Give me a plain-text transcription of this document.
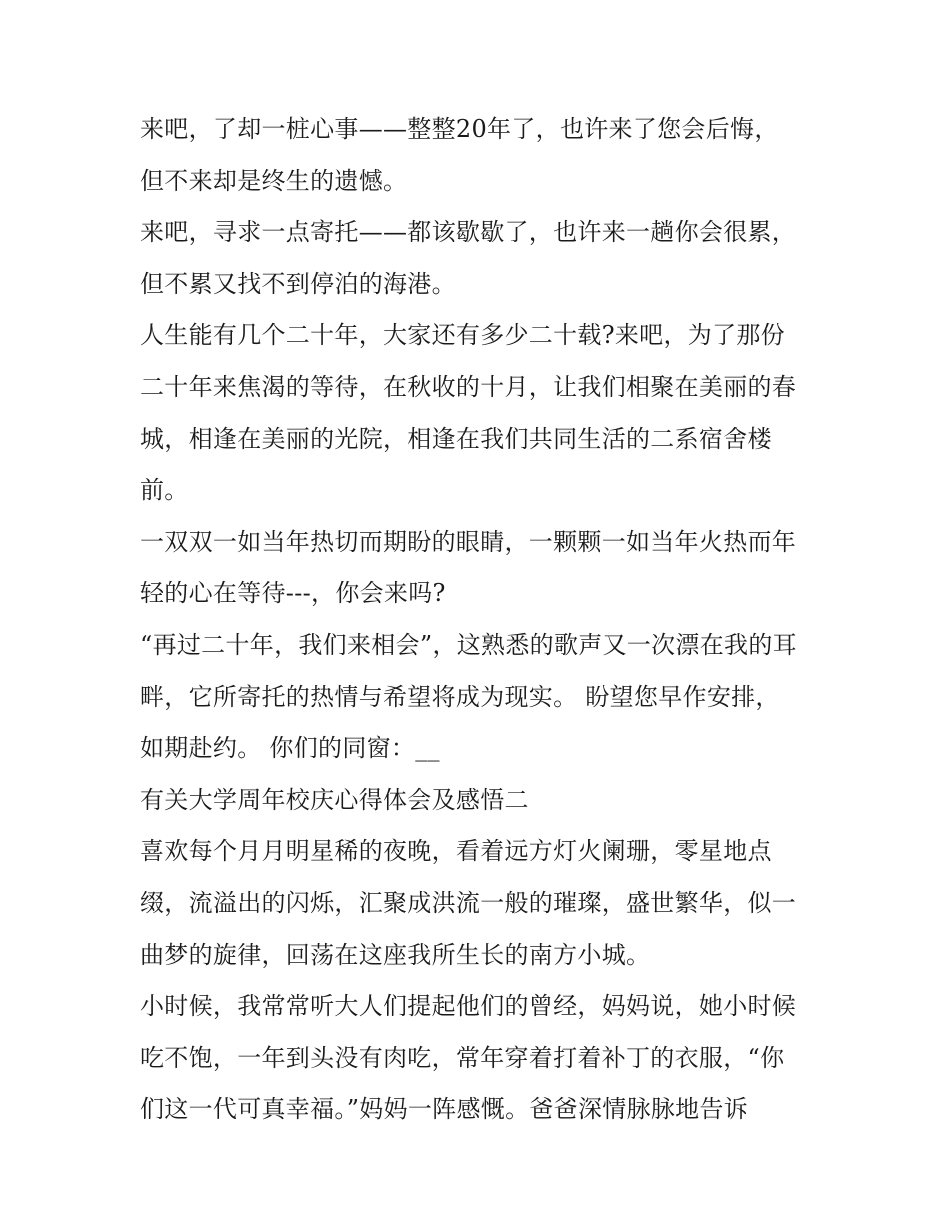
来吧，了却一桩心事——整整20年了，也许来了您会后悔，
但不来却是终生的遗憾。
来吧，寻求一点寄托——都该歇歇了，也许来一趟你会很累，
但不累又找不到停泊的海港。
人生能有几个二十年，大家还有多少二十载?来吧，为了那份
二十年来焦渴的等待，在秋收的十月，让我们相聚在美丽的春
城，相逢在美丽的光院，相逢在我们共同生活的二系宿舍楼
前。
一双双一如当年热切而期盼的眼睛，一颗颗一如当年火热而年
轻的心在等待---，你会来吗?
“再过二十年，我们来相会”，这熟悉的歌声又一次漂在我的耳
畔，它所寄托的热情与希望将成为现实。 盼望您早作安排，
如期赴约。 你们的同窗：__
有关大学周年校庆心得体会及感悟二
喜欢每个月月明星稀的夜晚，看着远方灯火阑珊，零星地点
缀，流溢出的闪烁，汇聚成洪流一般的璀璨，盛世繁华，似一
曲梦的旋律，回荡在这座我所生长的南方小城。
小时候，我常常听大人们提起他们的曾经，妈妈说，她小时候
吃不饱，一年到头没有肉吃，常年穿着打着补丁的衣服，“你
们这一代可真幸福。”妈妈一阵感慨。爸爸深情脉脉地告诉
